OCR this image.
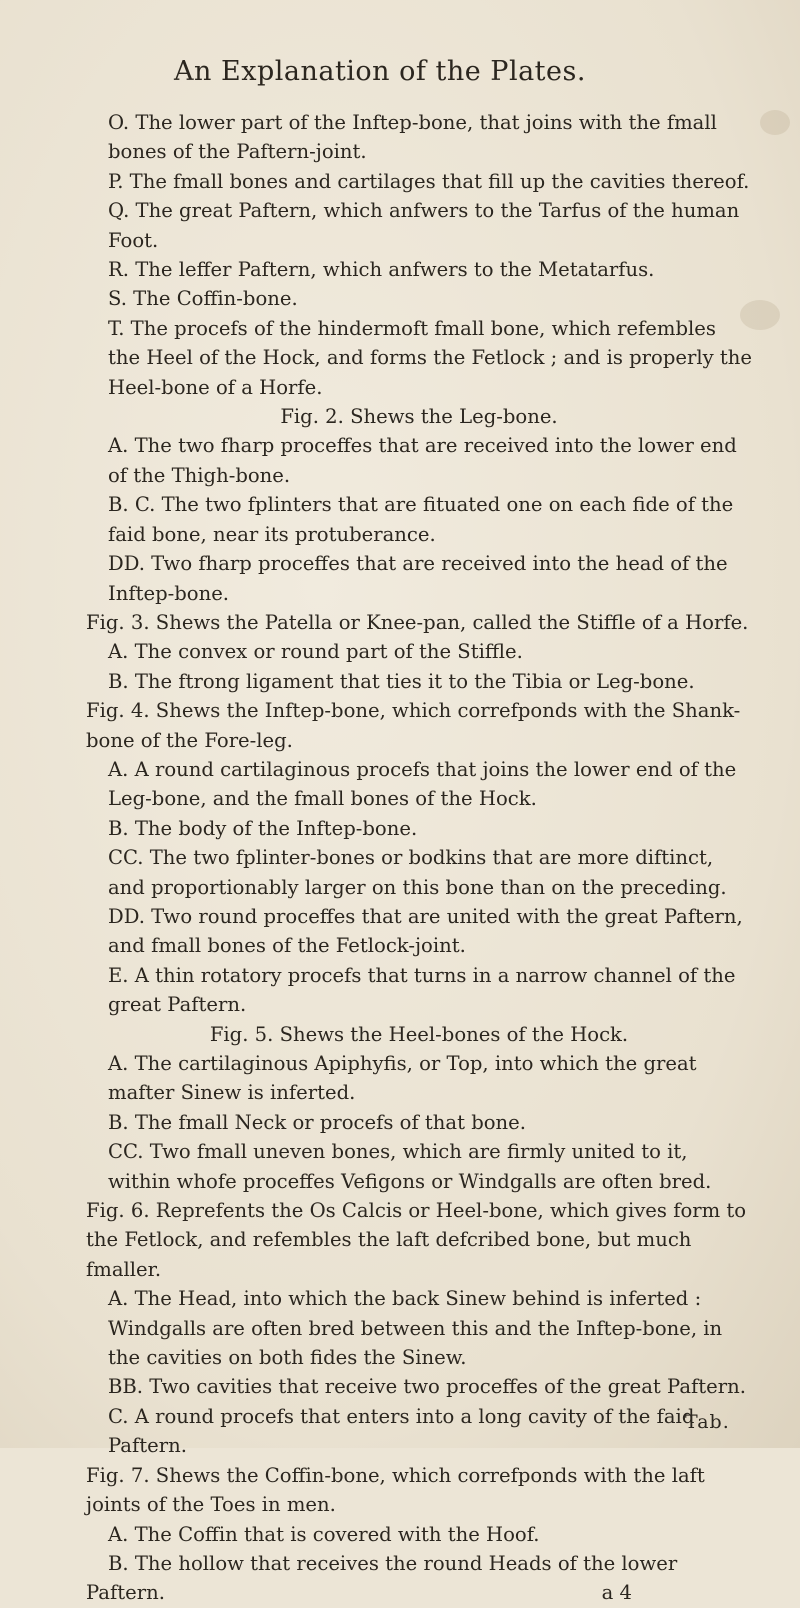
An Explanation of the Plates.

O. The lower part of the Inftep-bone, that joins with the fmall bones of the Paftern-joint.

P. The fmall bones and cartilages that fill up the cavities thereof.

Q. The great Paftern, which anfwers to the Tarfus of the human Foot.

R. The leffer Paftern, which anfwers to the Metatarfus.

S. The Coffin-bone.

T. The procefs of the hindermoft fmall bone, which refembles the Heel of the Hock, and forms the Fetlock ; and is properly the Heel-bone of a Horfe.

Fig. 2. Shews the Leg-bone.

A. The two fharp proceffes that are received into the lower end of the Thigh-bone.

B. C. The two fplinters that are fituated one on each fide of the faid bone, near its protuberance.

DD. Two fharp proceffes that are received into the head of the Inftep-bone.

Fig. 3. Shews the Patella or Knee-pan, called the Stiffle of a Horfe.

A. The convex or round part of the Stiffle.

B. The ftrong ligament that ties it to the Tibia or Leg-bone.

Fig. 4. Shews the Inftep-bone, which correfponds with the Shank-bone of the Fore-leg.

A. A round cartilaginous procefs that joins the lower end of the Leg-bone, and the fmall bones of the Hock.

B. The body of the Inftep-bone.

CC. The two fplinter-bones or bodkins that are more diftinct, and proportionably larger on this bone than on the preceding.

DD. Two round proceffes that are united with the great Paftern, and fmall bones of the Fetlock-joint.

E. A thin rotatory procefs that turns in a narrow channel of the great Paftern.

Fig. 5. Shews the Heel-bones of the Hock.

A. The cartilaginous Apiphyfis, or Top, into which the great mafter Sinew is inferted.

B. The fmall Neck or procefs of that bone.

CC. Two fmall uneven bones, which are firmly united to it, within whofe proceffes Vefigons or Windgalls are often bred.

Fig. 6. Reprefents the Os Calcis or Heel-bone, which gives form to the Fetlock, and refembles the laft defcribed bone, but much fmaller.

A. The Head, into which the back Sinew behind is inferted : Windgalls are often bred between this and the Inftep-bone, in the cavities on both fides the Sinew.

BB. Two cavities that receive two proceffes of the great Paftern.

C. A round procefs that enters into a long cavity of the faid Paftern.

Fig. 7. Shews the Coffin-bone, which correfponds with the laft joints of the Toes in men.

A. The Coffin that is covered with the Hoof.

B. The hollow that receives the round Heads of the lower

Paftern.	a 4
Tab.
